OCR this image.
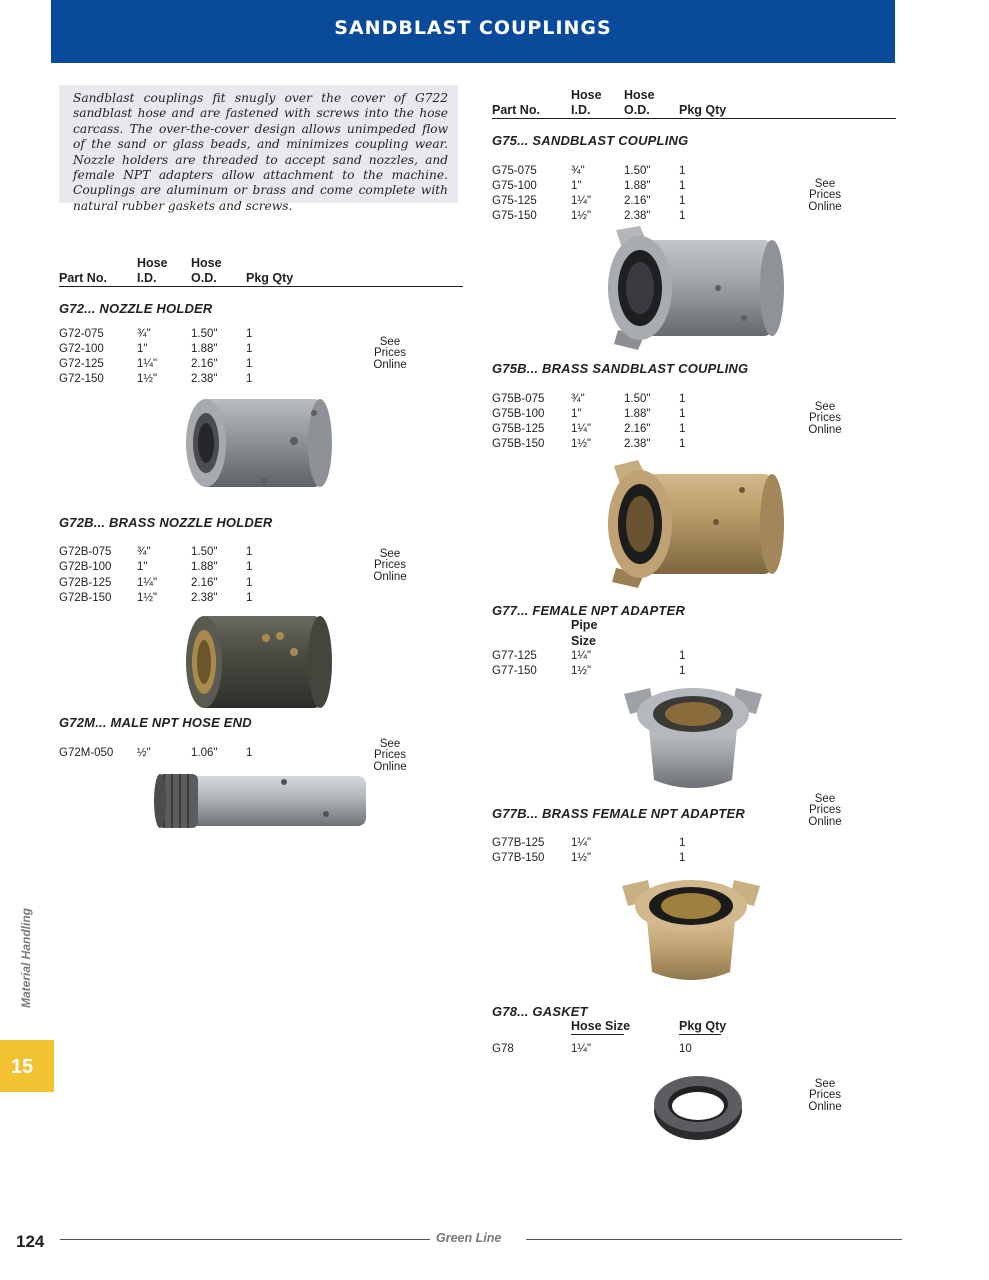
SANDBLAST COUPLINGS
Sandblast couplings fit snugly over the cover of G722 sandblast hose and are fastened with screws into the hose carcass. The over-the-cover design allows unimpeded flow of the sand or glass beads, and minimizes coupling wear. Nozzle holders are threaded to accept sand nozzles, and female NPT adapters allow attachment to the machine. Couplings are aluminum or brass and come complete with natural rubber gaskets and screws.
Hose Hose
Part No. I.D.	O.D. Pkg Qty
G72... NOZZLE HOLDER
G72-075	¾"	1.50" 1
G72-100	1"	1.88" 1
G72-125	1¼"	2.16" 1
G72-150	1½"	2.38" 1
See
Prices
Online
G72B... BRASS NOZZLE HOLDER
G72B-075 ¾"	1.50" 1
G72B-100 1"	1.88" 1
G72B-125 1¼"	2.16" 1
G72B-150 1½"	2.38" 1
See
Prices
Online
G72M... MALE NPT HOSE END
G72M-050 ½"	1.06" 1
See
Prices
Online
Hose Hose
Part No. I.D.	O.D. Pkg Qty
G75... SANDBLAST COUPLING
G75-075	¾"	1.50" 1
G75-100	1"	1.88" 1
G75-125	1¼"	2.16" 1
G75-150	1½"	2.38" 1
See
Prices
Online
G75B... BRASS SANDBLAST COUPLING
G75B-075 ¾"	1.50" 1
G75B-100 1"	1.88" 1
G75B-125 1¼"	2.16" 1
G75B-150 1½"	2.38" 1
See
Prices
Online
G77... FEMALE NPT ADAPTER
Pipe
Size
G77-125	1¼"	1
G77-150	1½"	1
G77B... BRASS FEMALE NPT ADAPTER
See
Prices
Online
G77B-125 1¼"	1
G77B-150 1½"	1
G78... GASKET
Hose Size	Pkg Qty
G78	1¼"	10
See
Prices
Online
Material Handling
15
124	Green Line
